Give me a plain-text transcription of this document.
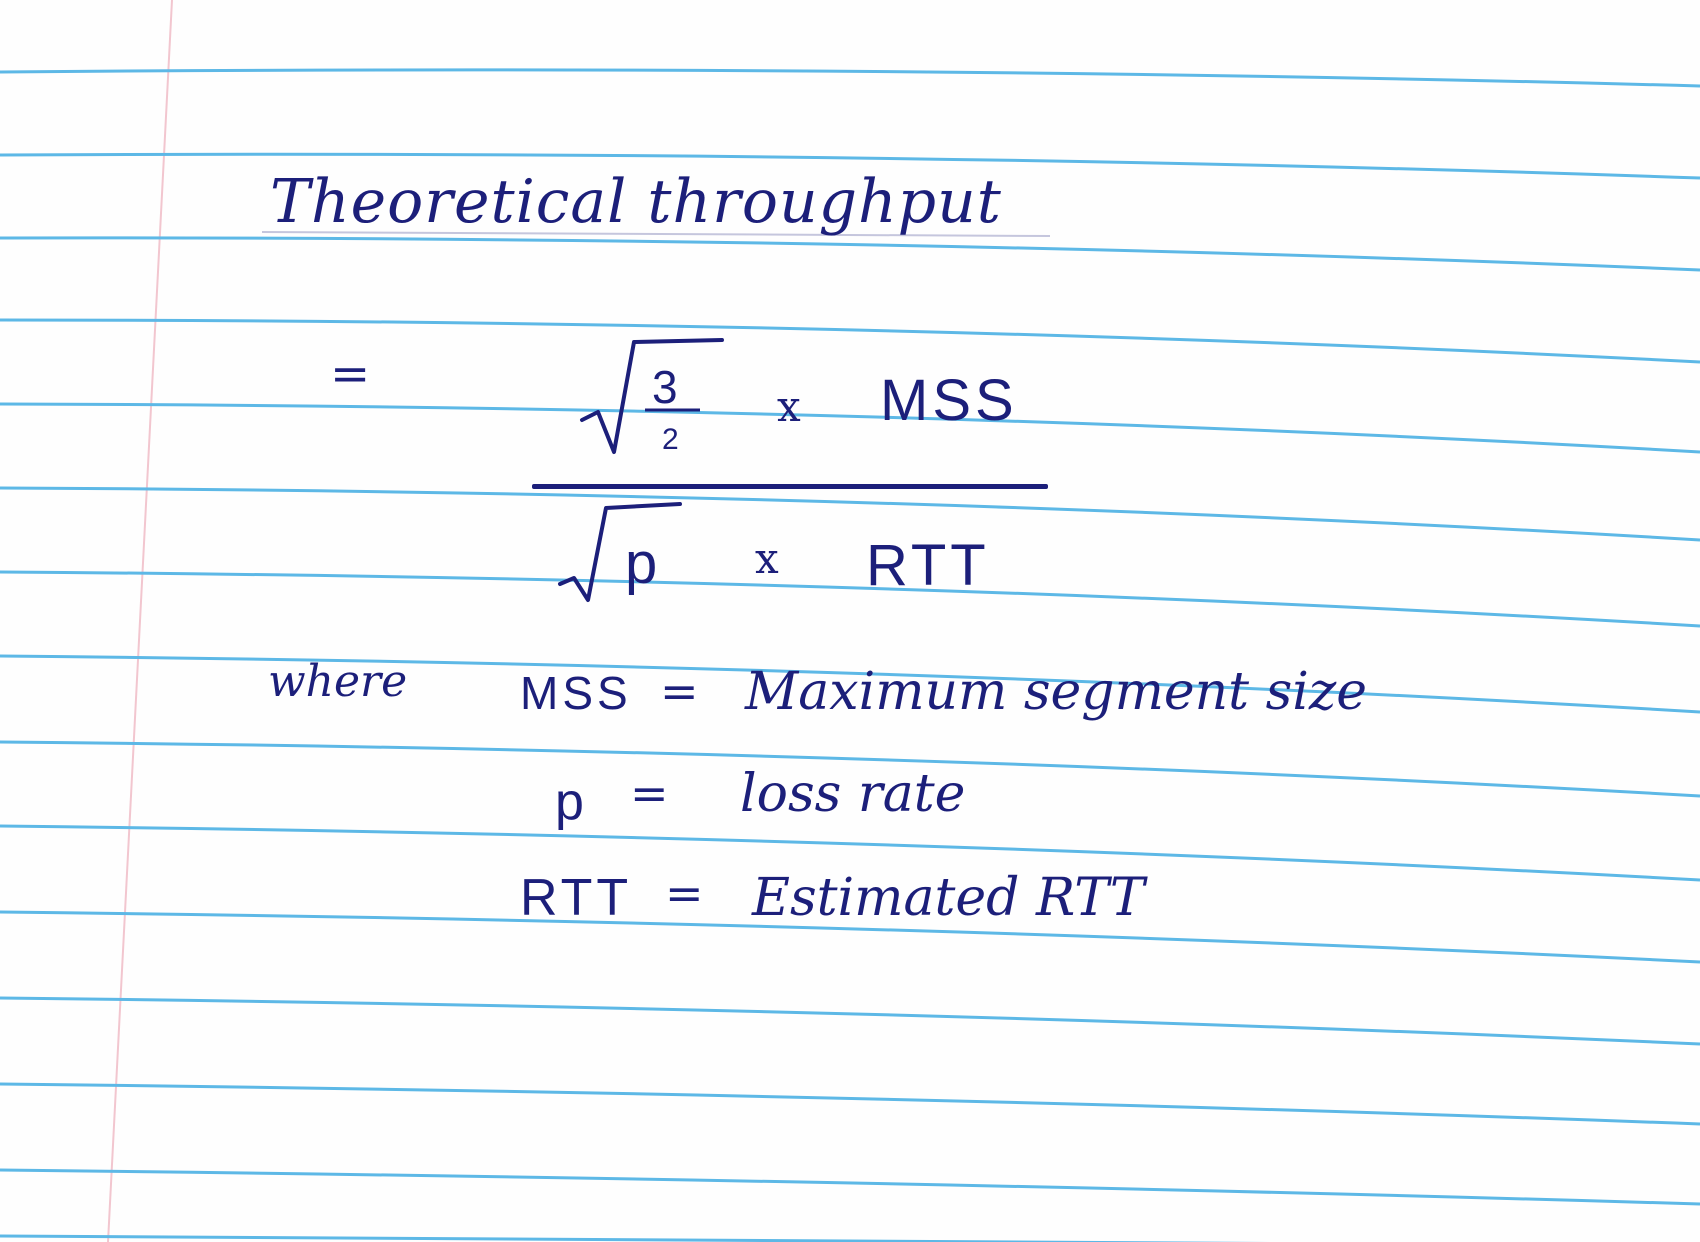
Theoretical throughput
=	3
2
x MSS
p x RTT
where MSS = Maximum segment size
p = loss rate
RTT = Estimated RTT
